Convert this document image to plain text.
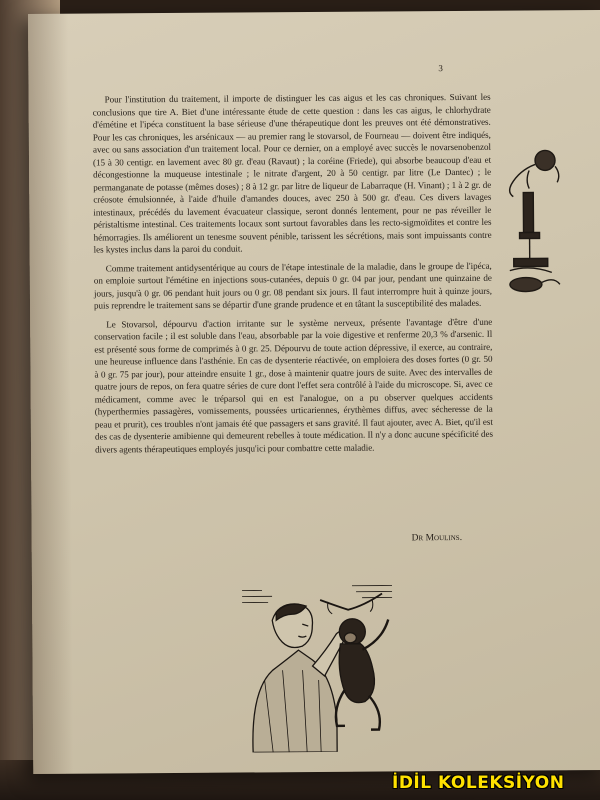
3

Pour l'institution du traitement, il importe de distinguer les cas aigus et les cas chroniques. Suivant les conclusions que tire A. Biet d'une intéressante étude de cette question : dans les cas aigus, le chlorhydrate d'émétine et l'ipéca constituent la base sérieuse d'une thérapeutique dont les preuves ont été démonstratives. Pour les cas chroniques, les arsénicaux — au premier rang le stovarsol, de Fourneau — doivent être indiqués, avec ou sans association d'un traitement local. Pour ce dernier, on a employé avec succès le novarsenobenzol (15 à 30 centigr. en lavement avec 80 gr. d'eau (Ravaut) ; la coréine (Friede), qui absorbe beaucoup d'eau et décongestionne la muqueuse intestinale ; le nitrate d'argent, 20 à 50 centigr. par litre (Le Dantec) ; le permanganate de potasse (mêmes doses) ; 8 à 12 gr. par litre de liqueur de Labarraque (H. Vinant) ; 1 à 2 gr. de créosote émulsionnée, à l'aide d'huile d'amandes douces, avec 250 à 500 gr. d'eau. Ces divers lavages intestinaux, précédés du lavement évacuateur classique, seront donnés lentement, pour ne pas réveiller le péristaltisme intestinal. Ces traitements locaux sont surtout favorables dans les recto-sigmoïdites et contre les hémorragies. Ils améliorent un tenesme souvent pénible, tarissent les sécrétions, mais sont impuissants contre les kystes inclus dans la paroi du conduit.

Comme traitement antidysentérique au cours de l'étape intestinale de la maladie, dans le groupe de l'ipéca, on emploie surtout l'émétine en injections sous-cutanées, depuis 0 gr. 04 par jour, pendant une quinzaine de jours, jusqu'à 0 gr. 06 pendant huit jours ou 0 gr. 08 pendant six jours. Il faut interrompre huit à quinze jours, puis reprendre le traitement sans se départir d'une grande prudence et en tâtant la susceptibilité des malades.

Le Stovarsol, dépourvu d'action irritante sur le système nerveux, présente l'avantage d'être d'une conservation facile ; il est soluble dans l'eau, absorbable par la voie digestive et renferme 20,3 % d'arsenic. Il est présenté sous forme de comprimés à 0 gr. 25. Dépourvu de toute action dépressive, il exerce, au contraire, une heureuse influence dans l'asthénie. En cas de dysenterie réactivée, on emploiera des doses fortes (0 gr. 50 à 0 gr. 75 par jour), pour atteindre ensuite 1 gr., dose à maintenir quatre jours de suite. Avec des intervalles de quatre jours de repos, on fera quatre séries de cure dont l'effet sera contrôlé à l'aide du microscope. Si, avec ce médicament, comme avec le tréparsol qui en est l'analogue, on a pu observer quelques accidents (hyperthermies passagères, vomissements, poussées urticariennes, érythèmes diffus, avec sécheresse de la peau et prurit), ces troubles n'ont jamais été que passagers et sans gravité. Il faut ajouter, avec A. Biet, qu'il est des cas de dysenterie amibienne qui demeurent rebelles à toute médication. Il n'y a donc aucune spécificité des divers agents thérapeutiques employés jusqu'ici pour combattre cette maladie.

Dr Moulins.
İDİL KOLEKSİYON
